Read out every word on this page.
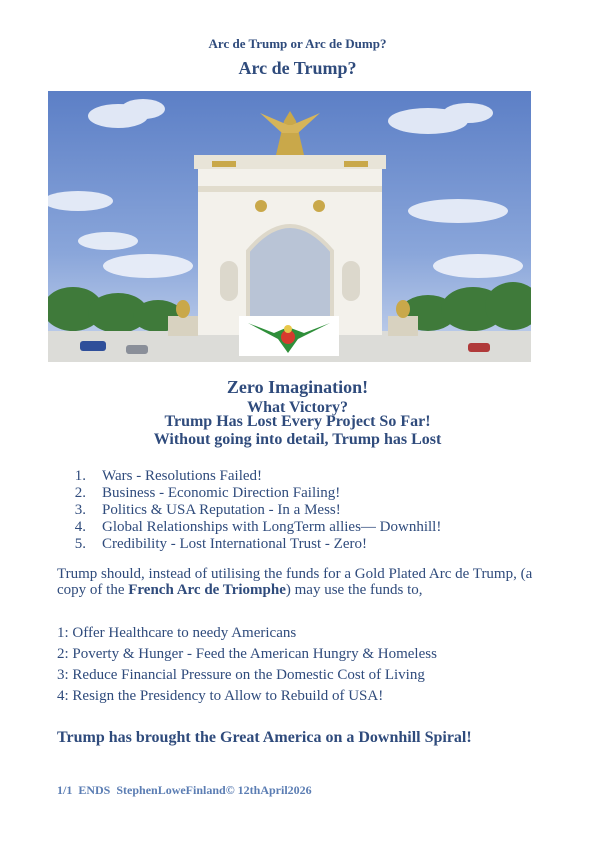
Arc de Trump or Arc de Dump?
Arc de Trump?
Zero Imagination!
What Victory?
Trump Has Lost Every Project So Far!
Without going into detail, Trump has Lost
1. Wars - Resolutions Failed!
2. Business - Economic Direction Failing!
3. Politics & USA Reputation - In a Mess!
4. Global Relationships with LongTerm allies— Downhill!
5. Credibility - Lost International Trust - Zero!
Trump should, instead of utilising the funds for a Gold Plated Arc de Trump, (a copy of the French Arc de Triomphe) may use the funds to,
1: Offer Healthcare to needy Americans
2: Poverty & Hunger - Feed the American Hungry & Homeless
3: Reduce Financial Pressure on the Domestic Cost of Living
4: Resign the Presidency to Allow to Rebuild of USA!
Trump has brought the Great America on a Downhill Spiral!
1/1  ENDS  StephenLoweFinland© 12thApril2026
